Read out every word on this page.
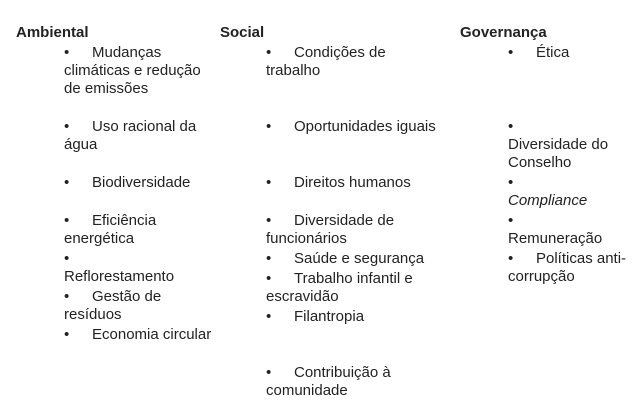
Ambiental
• Mudanças climáticas e redução de emissões
• Uso racional da água
• Biodiversidade
• Eficiência energética
•
Reflorestamento
• Gestão de resíduos
• Economia circular
Social
• Condições de trabalho
• Oportunidades iguais
• Direitos humanos
• Diversidade de funcionários
• Saúde e segurança
• Trabalho infantil e escravidão
• Filantropia
• Contribuição à comunidade
Governança
• Ética
•
Diversidade do Conselho
•
Compliance
•
Remuneração
• Políticas anti-corrupção
